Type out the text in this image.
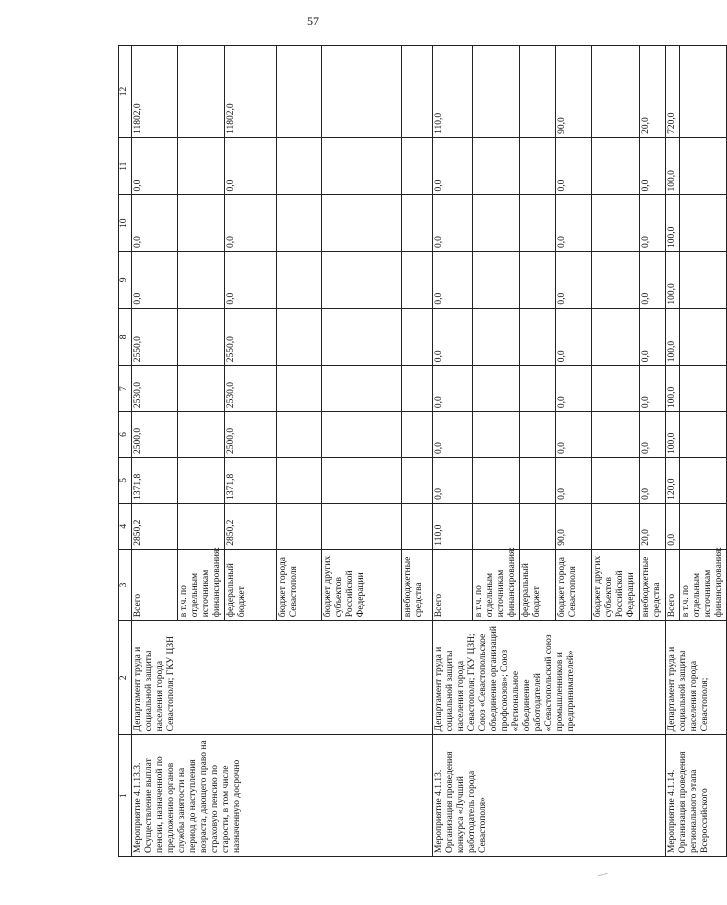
57
1	2	3	4	5	6	7	8	9	10	11	12
Мероприятие 4.1.13.3. Осуществление выплат пенсии, назначенной по предложению органов службы занятости на период до наступления возраста, дающего право на страховую пенсию по старости, в том числе назначенную досрочно	Департамент труда и социальной защиты населения города Севастополя; ГКУ ЦЗН	Всего	2850,2	1371,8	2500,0	2530,0	2550,0	0,0	0,0	0,0	11802,0
		в т.ч. по отдельным источникам финансирования:									
		федеральный бюджет	2850,2	1371,8	2500,0	2530,0	2550,0	0,0	0,0	0,0	11802,0
		бюджет города Севастополя									
		бюджет других субъектов Российской Федерации									
		внебюджетные средства									
Мероприятие 4.1.13. Организация проведения конкурса «Лучший работодатель города Севастополя»	Департамент труда и социальной защиты населения города Севастополя; ГКУ ЦЗН; Союз «Севастопольское объединение организаций профсоюзов»; Союз «Региональное объединение работодателей «Севастопольский союз промышленников и предпринимателей»	Всего	110,0	0,0	0,0	0,0	0,0	0,0	0,0	0,0	110,0
		в т.ч. по отдельным источникам финансирования:									
		федеральный бюджет									
		бюджет города Севастополя	90,0	0,0	0,0	0,0	0,0	0,0	0,0	0,0	90,0
		бюджет других субъектов Российской Федерации									
		внебюджетные средства	20,0	0,0	0,0	0,0	0,0	0,0	0,0	0,0	20,0
Мероприятие 4.1.14. Организация проведения регионального этапа Всероссийского	Департамент труда и социальной защиты населения города Севастополя;	Всего	0,0	120,0	100,0	100,0	100,0	100,0	100,0	100,0	720,0
		в т.ч. по отдельным источникам финансирования:									
